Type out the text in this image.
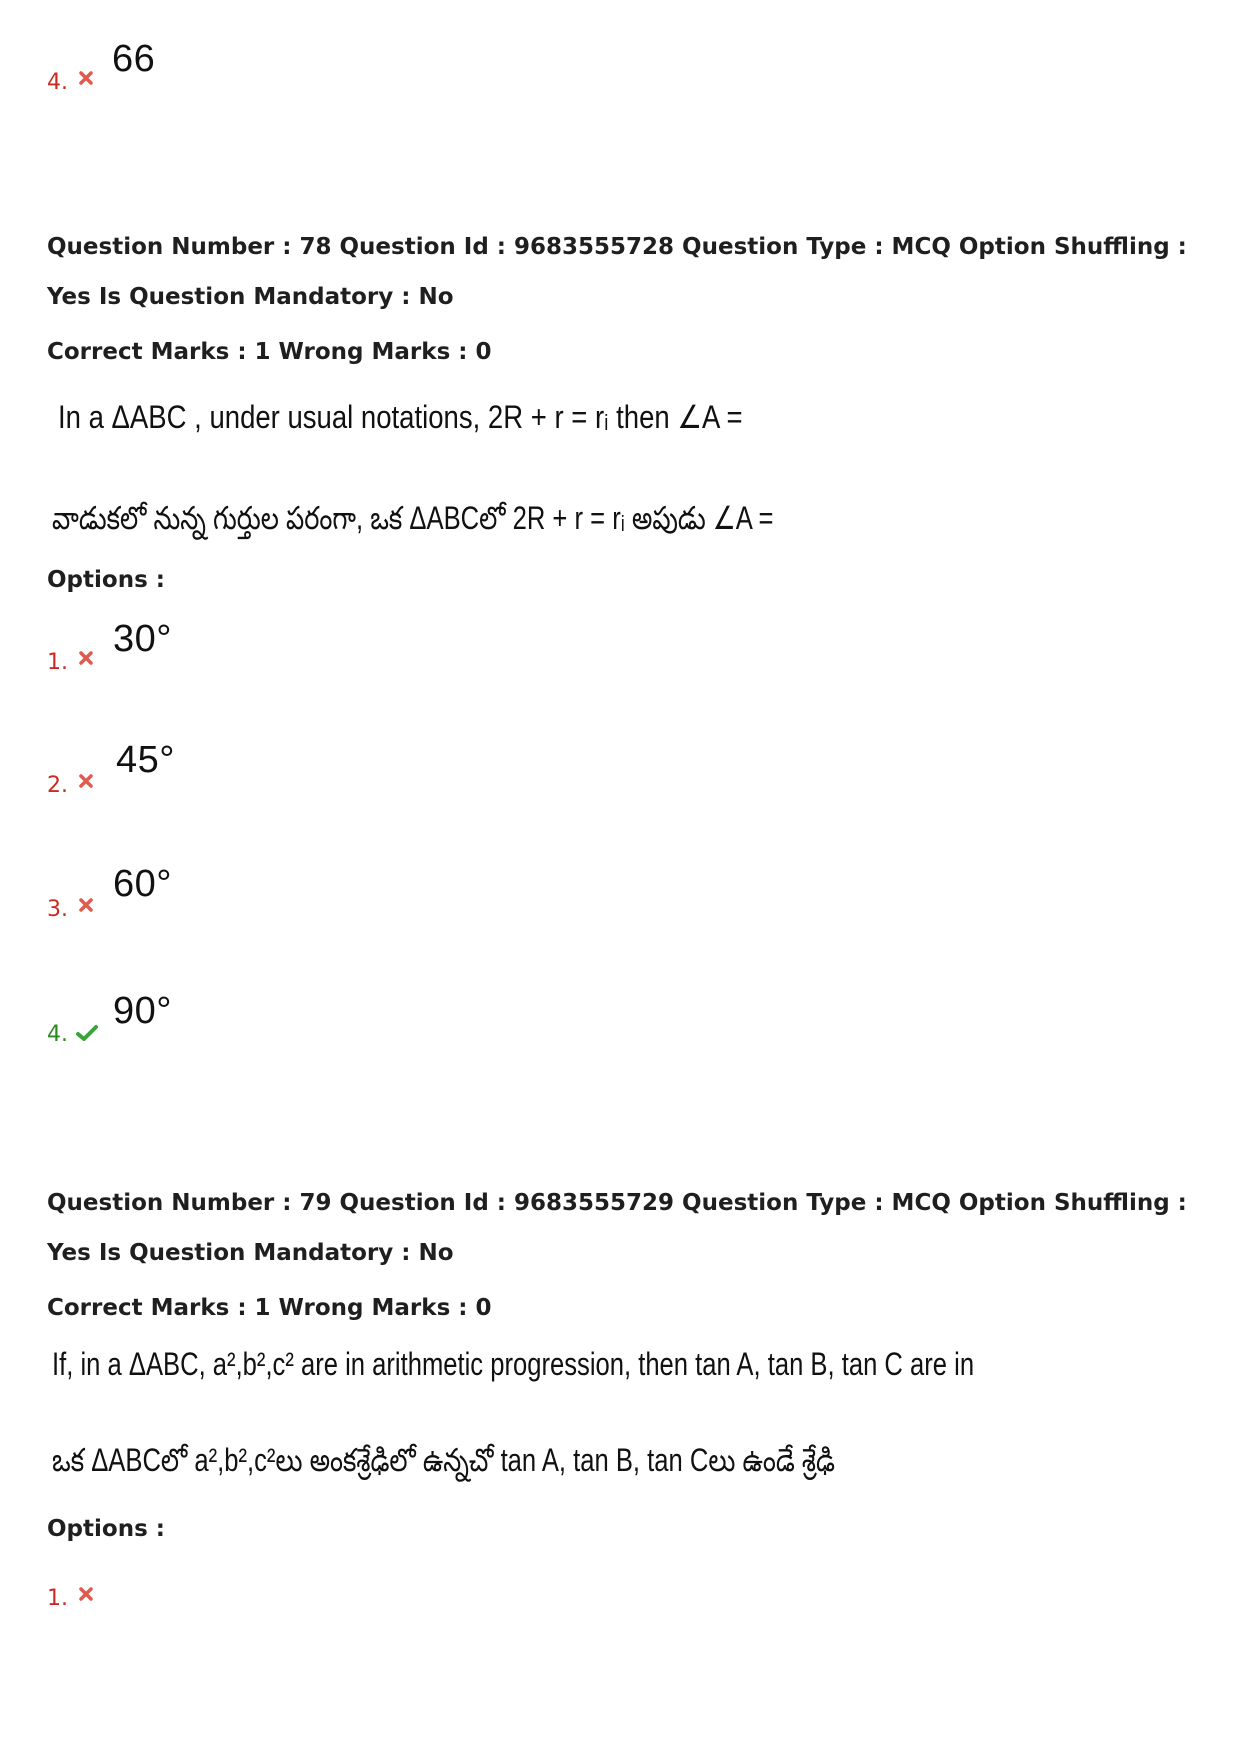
4.
66
Question Number : 78 Question Id : 9683555728 Question Type : MCQ Option Shuffling : Yes Is Question Mandatory : No
Correct Marks : 1 Wrong Marks : 0
In a ΔABC , under usual notations, 2R + r = rᵢ then ∠A =
వాడుకలో నున్న గుర్తుల పరంగా, ఒక ΔABCలో 2R + r = rᵢ అపుడు ∠A =
Options :
1.
30°
2.
45°
3.
60°
4.
90°
Question Number : 79 Question Id : 9683555729 Question Type : MCQ Option Shuffling : Yes Is Question Mandatory : No
Correct Marks : 1 Wrong Marks : 0
If, in a ΔABC, a²,b²,c² are in arithmetic progression, then tan A, tan B, tan C are in
ఒక ΔABCలో a²,b²,c²లు అంకశ్రేఢిలో ఉన్నచో tan A, tan B, tan Cలు ఉండే శ్రేఢి
Options :
1.
